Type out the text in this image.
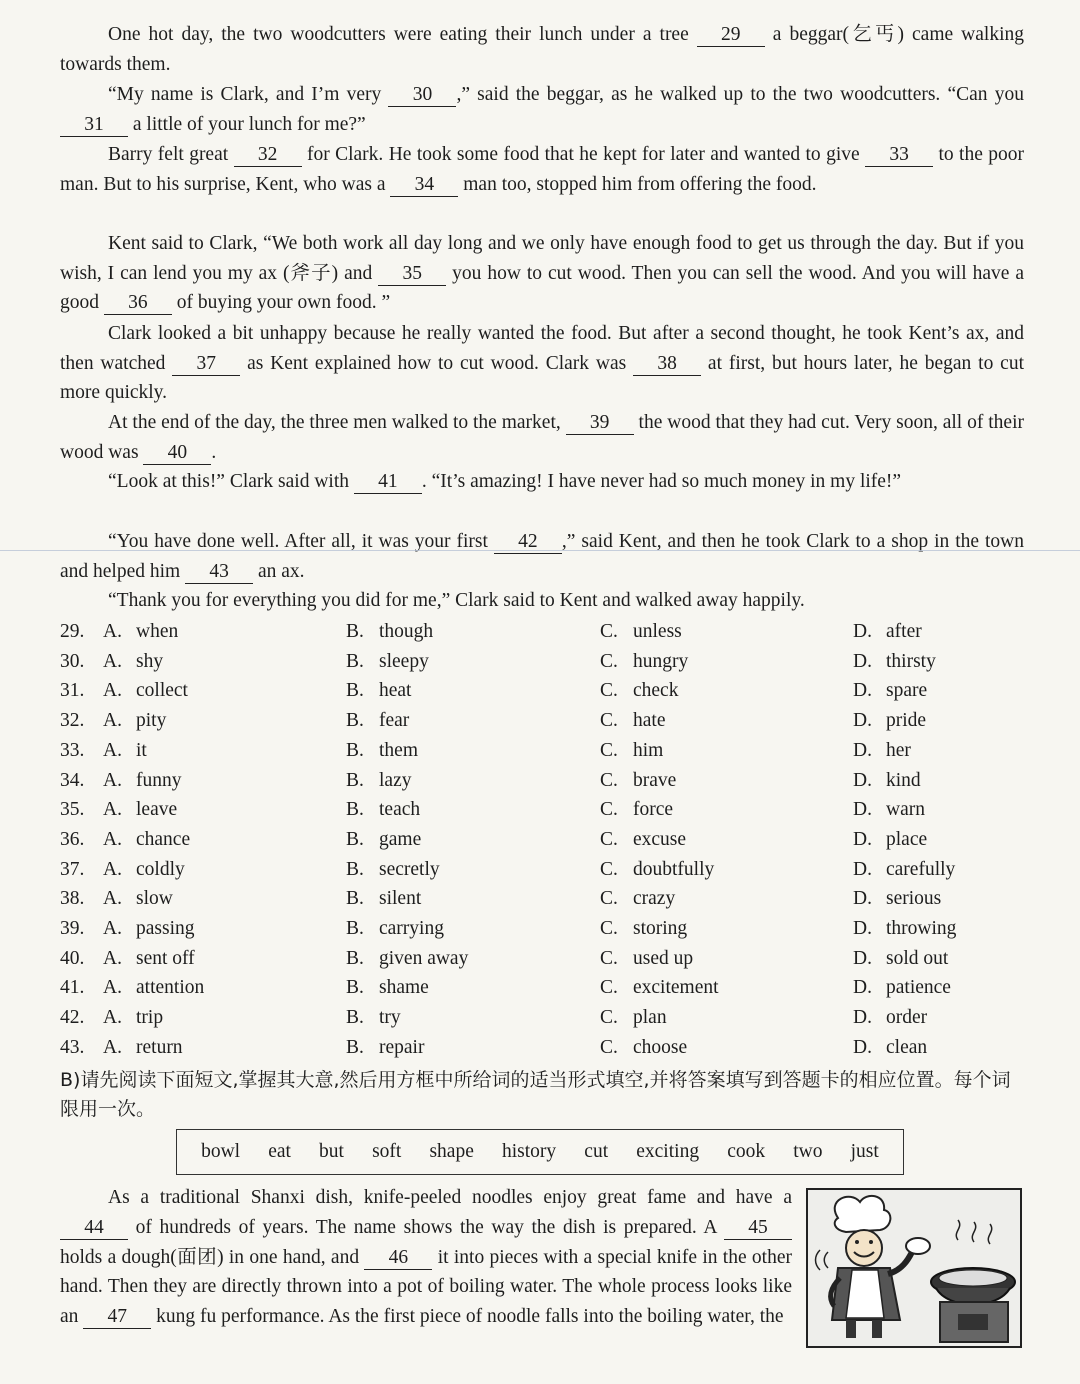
One hot day, the two woodcutters were eating their lunch under a tree 29 a beggar(乞丐) came walking towards them.

“My name is Clark, and I’m very 30 ,” said the beggar, as he walked up to the two woodcutters. “Can you 31 a little of your lunch for me?”

Barry felt great 32 for Clark. He took some food that he kept for later and wanted to give 33 to the poor man. But to his surprise, Kent, who was a 34 man too, stopped him from offering the food.

Kent said to Clark, “We both work all day long and we only have enough food to get us through the day. But if you wish, I can lend you my ax (斧子) and 35 you how to cut wood. Then you can sell the wood. And you will have a good 36 of buying your own food. ”

Clark looked a bit unhappy because he really wanted the food. But after a second thought, he took Kent’s ax, and then watched 37 as Kent explained how to cut wood. Clark was 38 at first, but hours later, he began to cut more quickly.

At the end of the day, the three men walked to the market, 39 the wood that they had cut. Very soon, all of their wood was 40 .

“Look at this!” Clark said with 41 . “It’s amazing! I have never had so much money in my life!”

“You have done well. After all, it was your first 42 ,” said Kent, and then he took Clark to a shop in the town and helped him 43 an ax.

“Thank you for everything you did for me,” Clark said to Kent and walked away happily.

29. A. when	B. though	C. unless	D. after
30. A. shy	B. sleepy	C. hungry	D. thirsty
31. A. collect	B. heat	C. check	D. spare
32. A. pity	B. fear	C. hate	D. pride
33. A. it	B. them	C. him	D. her
34. A. funny	B. lazy	C. brave	D. kind
35. A. leave	B. teach	C. force	D. warn
36. A. chance	B. game	C. excuse	D. place
37. A. coldly	B. secretly	C. doubtfully	D. carefully
38. A. slow	B. silent	C. crazy	D. serious
39. A. passing	B. carrying	C. storing	D. throwing
40. A. sent off	B. given away	C. used up	D. sold out
41. A. attention	B. shame	C. excitement	D. patience
42. A. trip	B. try	C. plan	D. order
43. A. return	B. repair	C. choose	D. clean

B)请先阅读下面短文,掌握其大意,然后用方框中所给词的适当形式填空,并将答案填写到答题卡的相应位置。每个词限用一次。

bowl eat but soft shape history cut exciting cook two just

As a traditional Shanxi dish, knife-peeled noodles enjoy great fame and have a 44 of hundreds of years. The name shows the way the dish is prepared. A 45 holds a dough(面团) in one hand, and 46 it into pieces with a special knife in the other hand. Then they are directly thrown into a pot of boiling water. The whole process looks like an 47 kung fu performance. As the first piece of noodle falls into the boiling water, the
